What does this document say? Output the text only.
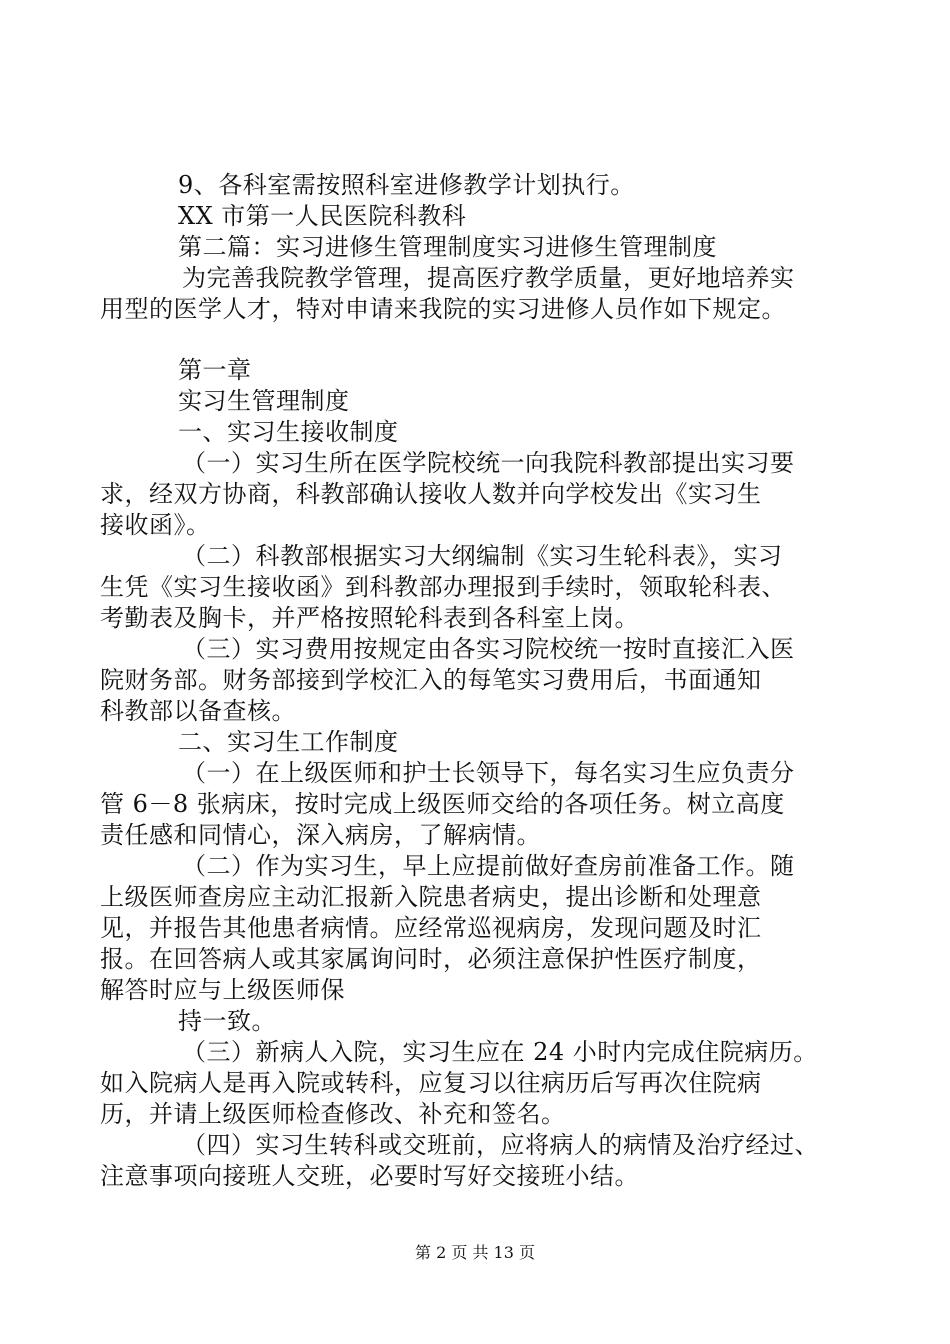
9、各科室需按照科室进修教学计划执行。
XX 市第一人民医院科教科
第二篇：实习进修生管理制度实习进修生管理制度
为完善我院教学管理，提高医疗教学质量，更好地培养实
用型的医学人才，特对申请来我院的实习进修人员作如下规定。
第一章
实习生管理制度
一、实习生接收制度
（一）实习生所在医学院校统一向我院科教部提出实习要
求，经双方协商，科教部确认接收人数并向学校发出《实习生
接收函》。
（二）科教部根据实习大纲编制《实习生轮科表》，实习
生凭《实习生接收函》到科教部办理报到手续时，领取轮科表、
考勤表及胸卡，并严格按照轮科表到各科室上岗。
（三）实习费用按规定由各实习院校统一按时直接汇入医
院财务部。财务部接到学校汇入的每笔实习费用后，书面通知
科教部以备查核。
二、实习生工作制度
（一）在上级医师和护士长领导下，每名实习生应负责分
管 6－8 张病床，按时完成上级医师交给的各项任务。树立高度
责任感和同情心，深入病房，了解病情。
（二）作为实习生，早上应提前做好查房前准备工作。随
上级医师查房应主动汇报新入院患者病史，提出诊断和处理意
见，并报告其他患者病情。应经常巡视病房，发现问题及时汇
报。在回答病人或其家属询问时，必须注意保护性医疗制度，
解答时应与上级医师保
持一致。
（三）新病人入院，实习生应在 24 小时内完成住院病历。
如入院病人是再入院或转科，应复习以往病历后写再次住院病
历，并请上级医师检查修改、补充和签名。
（四）实习生转科或交班前，应将病人的病情及治疗经过、
注意事项向接班人交班，必要时写好交接班小结。
第 2 页 共 13 页
